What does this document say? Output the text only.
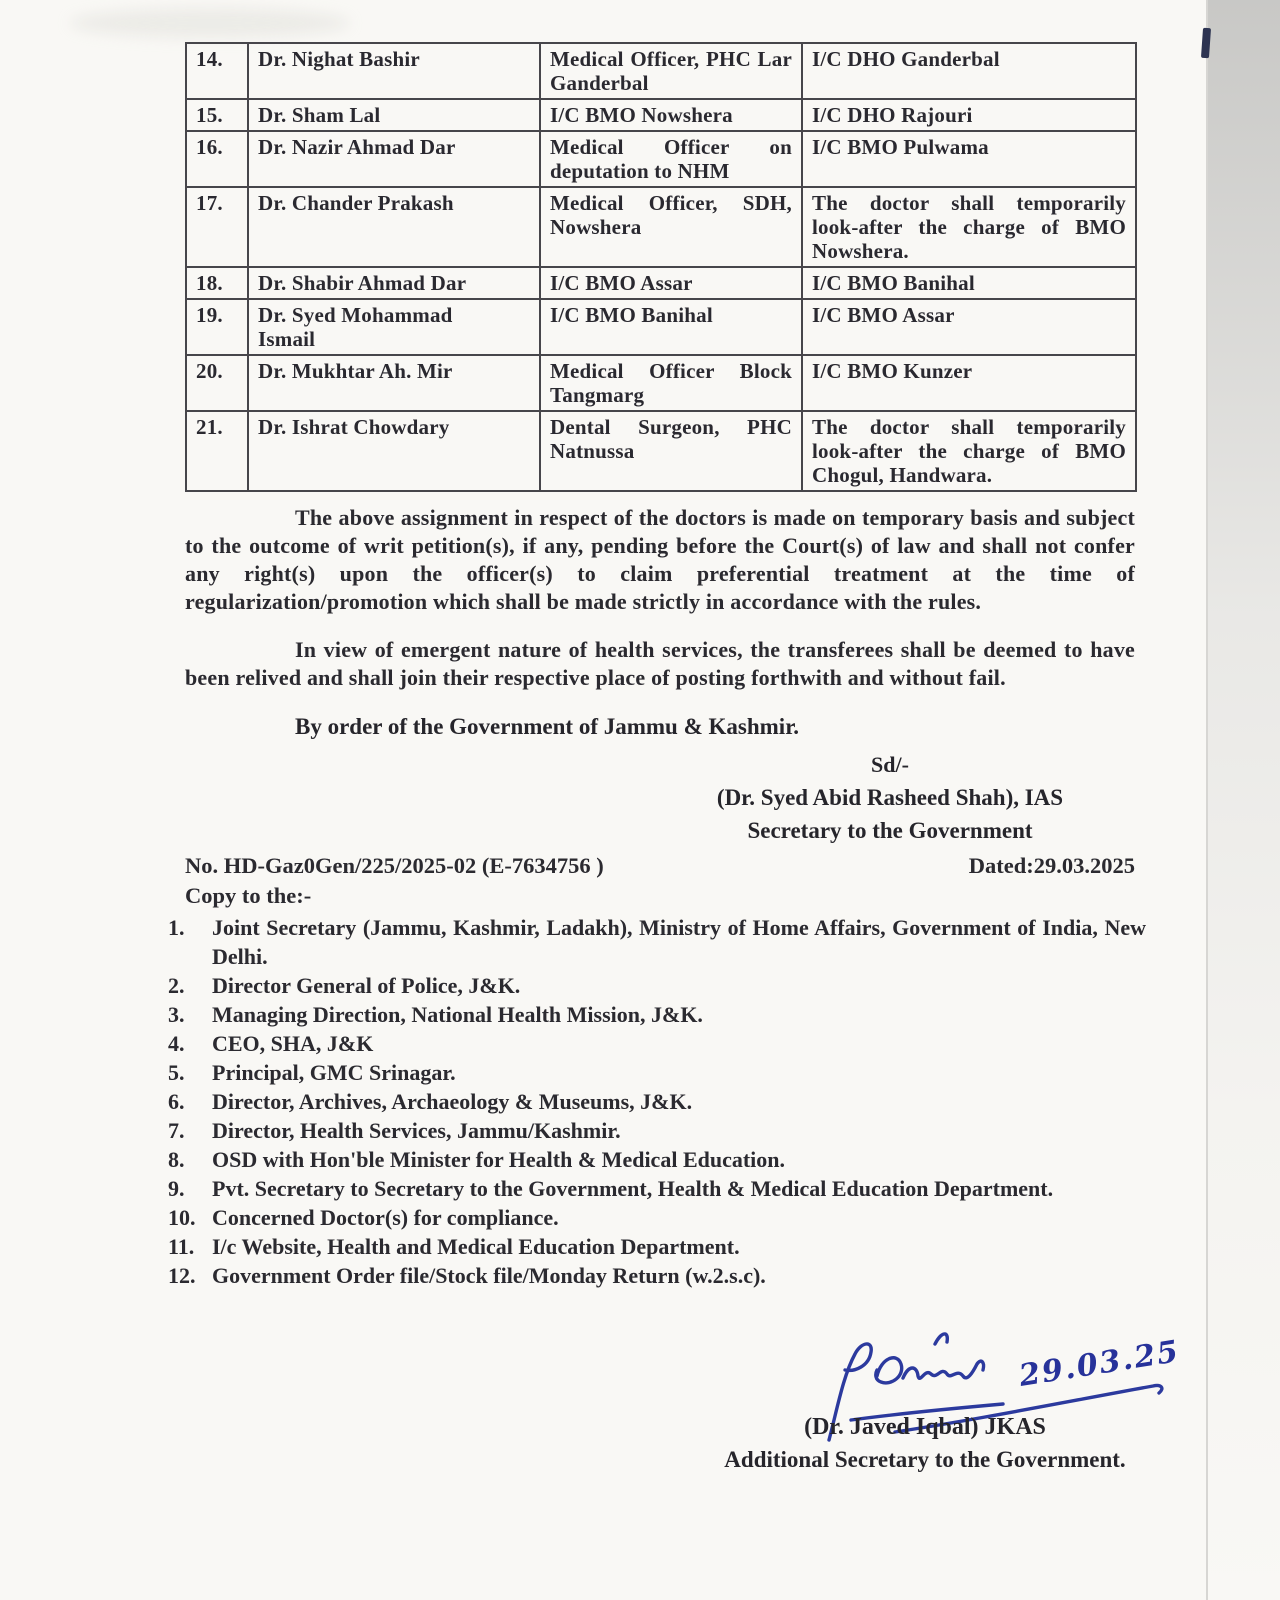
14.	Dr. Nighat Bashir	Medical Officer, PHC Lar Ganderbal	I/C DHO Ganderbal
15.	Dr. Sham Lal	I/C BMO Nowshera	I/C DHO Rajouri
16.	Dr. Nazir Ahmad Dar	Medical Officer on deputation to NHM	I/C BMO Pulwama
17.	Dr. Chander Prakash	Medical Officer, SDH, Nowshera	The doctor shall temporarily look-after the charge of BMO Nowshera.
18.	Dr. Shabir Ahmad Dar	I/C BMO Assar	I/C BMO Banihal
19.	Dr. Syed Mohammad Ismail	I/C BMO Banihal	I/C BMO Assar
20.	Dr. Mukhtar Ah. Mir	Medical Officer Block Tangmarg	I/C BMO Kunzer
21.	Dr. Ishrat Chowdary	Dental Surgeon, PHC Natnussa	The doctor shall temporarily look-after the charge of BMO Chogul, Handwara.

The above assignment in respect of the doctors is made on temporary basis and subject to the outcome of writ petition(s), if any, pending before the Court(s) of law and shall not confer any right(s) upon the officer(s) to claim preferential treatment at the time of regularization/promotion which shall be made strictly in accordance with the rules.

In view of emergent nature of health services, the transferees shall be deemed to have been relived and shall join their respective place of posting forthwith and without fail.

By order of the Government of Jammu & Kashmir.
Sd/-
(Dr. Syed Abid Rasheed Shah), IAS
Secretary to the Government
No. HD-Gaz0Gen/225/2025-02 (E-7634756 )	Dated:29.03.2025
Copy to the:-
1.	Joint Secretary (Jammu, Kashmir, Ladakh), Ministry of Home Affairs, Government of India, New Delhi.
2.	Director General of Police, J&K.
3.	Managing Direction, National Health Mission, J&K.
4.	CEO, SHA, J&K
5.	Principal, GMC Srinagar.
6.	Director, Archives, Archaeology & Museums, J&K.
7.	Director, Health Services, Jammu/Kashmir.
8.	OSD with Hon'ble Minister for Health & Medical Education.
9.	Pvt. Secretary to Secretary to the Government, Health & Medical Education Department.
10. Concerned Doctor(s) for compliance.
11. I/c Website, Health and Medical Education Department.
12. Government Order file/Stock file/Monday Return (w.2.s.c).
29.03.25
(Dr. Javed Iqbal) JKAS
Additional Secretary to the Government.
